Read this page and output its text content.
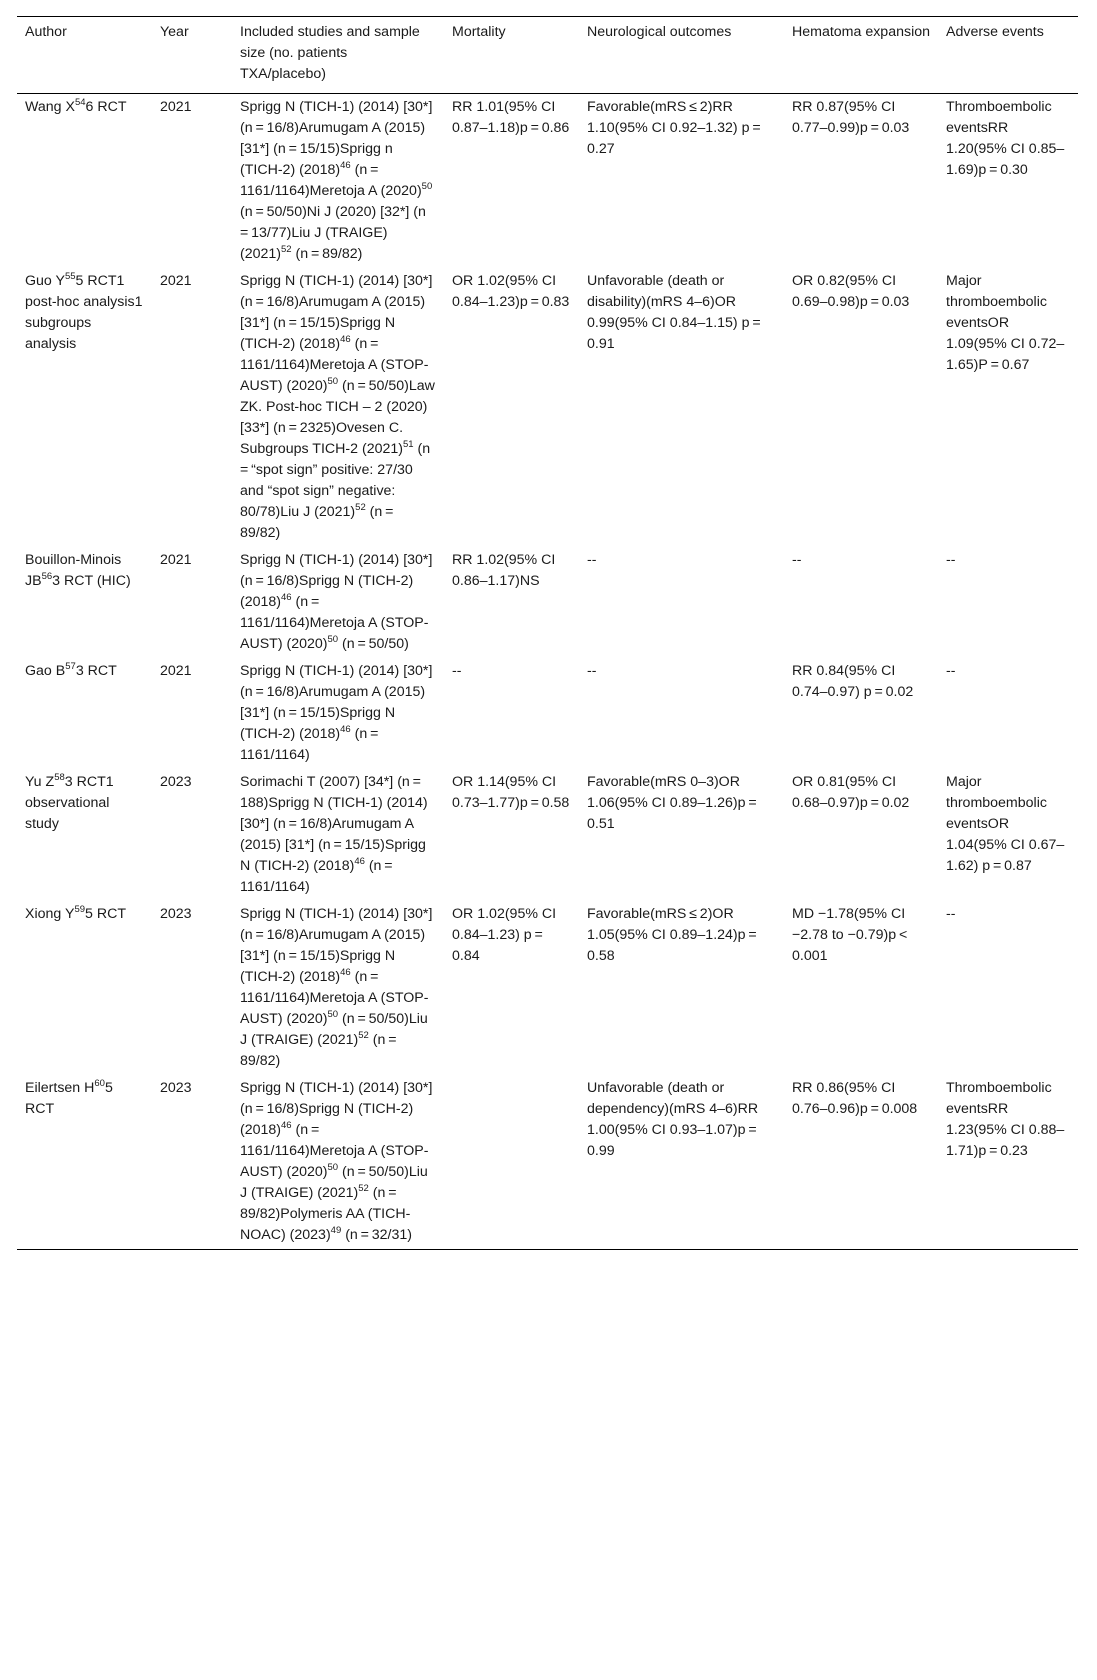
Author	Year	Included studies and sample size (no. patients TXA/placebo)	Mortality	Neurological outcomes	Hematoma expansion	Adverse events
Wang $X^{54}6$ RCT	2021	Sprigg N (TICH-1) (2014) [30*] (n = 16/8)Arumugam A (2015) [31*] (n = 15/15)Sprigg n (TICH-2) $(2018)^{46}$ (n = 1161/1164)Meretoja A $(2020)^{50}$ (n = 50/50)Ni J (2020) [32*] (n = 13/77)Liu J (TRAIGE) $(2021)^{52}$ (n = 89/82)	RR 1.01(95% CI 0.87–1.18)p = 0.86	Favorable(mRS ≤ 2)RR 1.10(95% CI 0.92–1.32) p = 0.27	RR 0.87(95% CI 0.77–0.99)p = 0.03	Thromboembolic eventsRR 1.20(95% CI 0.85–1.69)p = 0.30
Guo $Y^{55}5$ RCT1 post-hoc analysis1 subgroups analysis	2021	Sprigg N (TICH-1) (2014) [30*] (n = 16/8)Arumugam A (2015) [31*] (n = 15/15)Sprigg N (TICH-2) $(2018)^{46}$ (n = 1161/1164)Meretoja A (STOP-AUST) $(2020)^{50}$ (n = 50/50)Law ZK. Post-hoc TICH – 2 (2020) [33*] (n = 2325)Ovesen C. Subgroups TICH-2 $(2021)^{51}$ (n = “spot sign” positive: 27/30 and “spot sign” negative: 80/78)Liu J $(2021)^{52}$ (n = 89/82)	OR 1.02(95% CI 0.84–1.23)p = 0.83	Unfavorable (death or disability)(mRS 4–6)OR 0.99(95% CI 0.84–1.15) p = 0.91	OR 0.82(95% CI 0.69–0.98)p = 0.03	Major thromboembolic eventsOR 1.09(95% CI 0.72–1.65)P = 0.67
Bouillon-Minois JB$^{56}$3 RCT (HIC)	2021	Sprigg N (TICH-1) (2014) [30*] (n = 16/8)Sprigg N (TICH-2) $(2018)^{46}$ (n = 1161/1164)Meretoja A (STOP-AUST) $(2020)^{50}$ (n = 50/50)	RR 1.02(95% CI 0.86–1.17)NS	--	--	--
Gao $B^{57}3$ RCT	2021	Sprigg N (TICH-1) (2014) [30*] (n = 16/8)Arumugam A (2015) [31*] (n = 15/15)Sprigg N (TICH-2) $(2018)^{46}$ (n = 1161/1164)	--	--	RR 0.84(95% CI 0.74–0.97) p = 0.02	--
Yu $Z^{58}3$ RCT1 observational study	2023	Sorimachi T (2007) [34*] (n = 188)Sprigg N (TICH-1) (2014) [30*] (n = 16/8)Arumugam A (2015) [31*] (n = 15/15)Sprigg N (TICH-2) $(2018)^{46}$ (n = 1161/1164)	OR 1.14(95% CI 0.73–1.77)p = 0.58	Favorable(mRS 0–3)OR 1.06(95% CI 0.89–1.26)p = 0.51	OR 0.81(95% CI 0.68–0.97)p = 0.02	Major thromboembolic eventsOR 1.04(95% CI 0.67–1.62) p = 0.87
Xiong $Y^{59}5$ RCT	2023	Sprigg N (TICH-1) (2014) [30*] (n = 16/8)Arumugam A (2015) [31*] (n = 15/15)Sprigg N (TICH-2) $(2018)^{46}$ (n = 1161/1164)Meretoja A (STOP-AUST) $(2020)^{50}$ (n = 50/50)Liu J (TRAIGE) $(2021)^{52}$ (n = 89/82)	OR 1.02(95% CI 0.84–1.23) p = 0.84	Favorable(mRS ≤ 2)OR 1.05(95% CI 0.89–1.24)p = 0.58	MD −1.78(95% CI −2.78 to −0.79)p < 0.001	--
Eilertsen $H^{60}5$ RCT	2023	Sprigg N (TICH-1) (2014) [30*] (n = 16/8)Sprigg N (TICH-2) $(2018)^{46}$ (n = 1161/1164)Meretoja A (STOP-AUST) $(2020)^{50}$ (n = 50/50)Liu J (TRAIGE) $(2021)^{52}$ (n = 89/82)Polymeris AA (TICH-NOAC) $(2023)^{49}$ (n = 32/31)		Unfavorable (death or dependency)(mRS 4–6)RR 1.00(95% CI 0.93–1.07)p = 0.99	RR 0.86(95% CI 0.76–0.96)p = 0.008	Thromboembolic eventsRR 1.23(95% CI 0.88–1.71)p = 0.23
